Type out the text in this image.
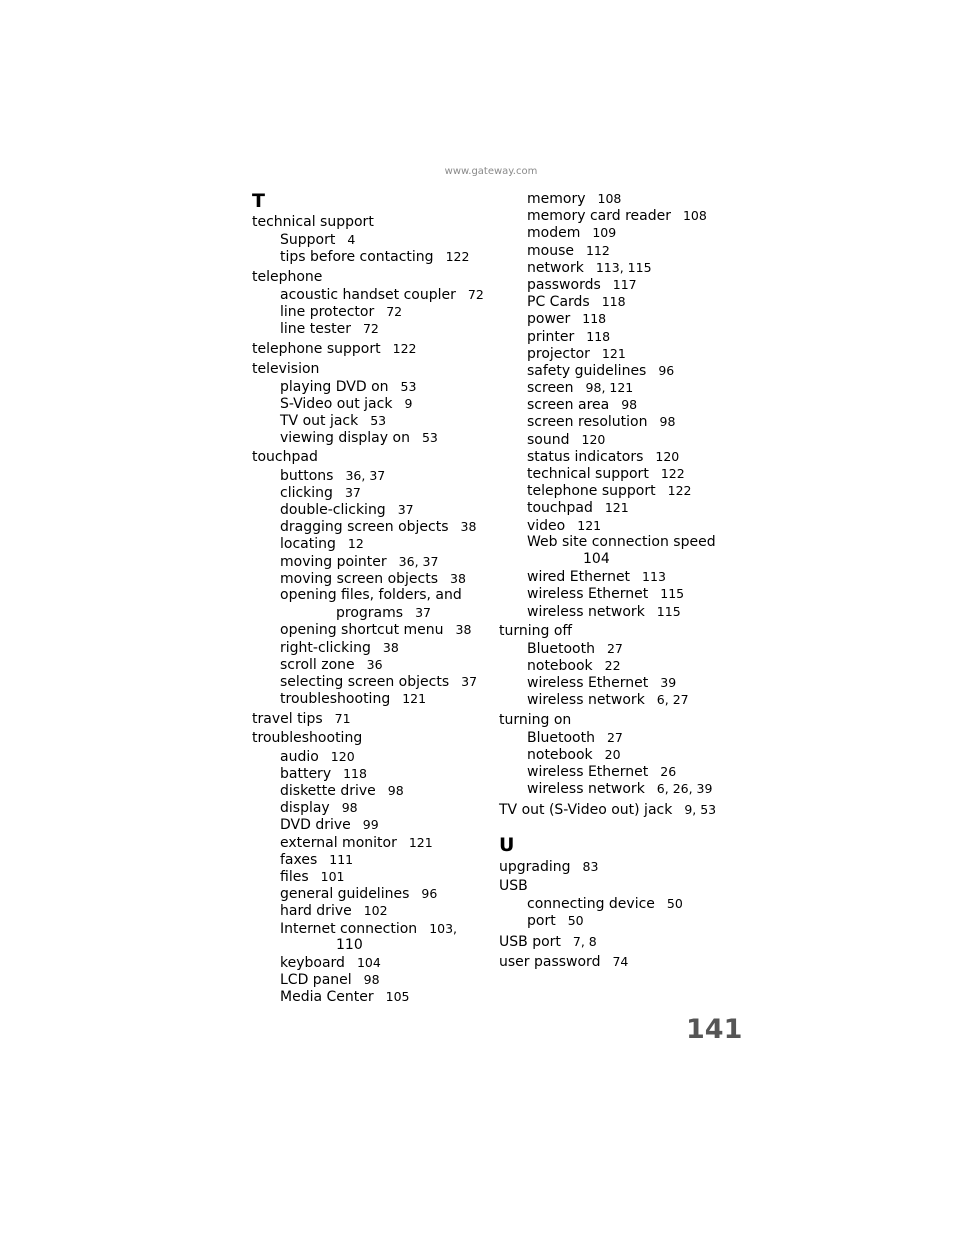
www.gateway.com
T
technical support
Support 4
tips before contacting 122
telephone
acoustic handset coupler 72
line protector 72
line tester 72
telephone support 122
television
playing DVD on 53
S-Video out jack 9
TV out jack 53
viewing display on 53
touchpad
buttons 36, 37
clicking 37
double-clicking 37
dragging screen objects 38
locating 12
moving pointer 36, 37
moving screen objects 38
opening files, folders, and
programs 37
opening shortcut menu 38
right-clicking 38
scroll zone 36
selecting screen objects 37
troubleshooting 121
travel tips 71
troubleshooting
audio 120
battery 118
diskette drive 98
display 98
DVD drive 99
external monitor 121
faxes 111
files 101
general guidelines 96
hard drive 102
Internet connection 103,
110
keyboard 104
LCD panel 98
Media Center 105
memory 108
memory card reader 108
modem 109
mouse 112
network 113, 115
passwords 117
PC Cards 118
power 118
printer 118
projector 121
safety guidelines 96
screen 98, 121
screen area 98
screen resolution 98
sound 120
status indicators 120
technical support 122
telephone support 122
touchpad 121
video 121
Web site connection speed
104
wired Ethernet 113
wireless Ethernet 115
wireless network 115
turning off
Bluetooth 27
notebook 22
wireless Ethernet 39
wireless network 6, 27
turning on
Bluetooth 27
notebook 20
wireless Ethernet 26
wireless network 6, 26, 39
TV out (S-Video out) jack 9, 53
U
upgrading 83
USB
connecting device 50
port 50
USB port 7, 8
user password 74
141
